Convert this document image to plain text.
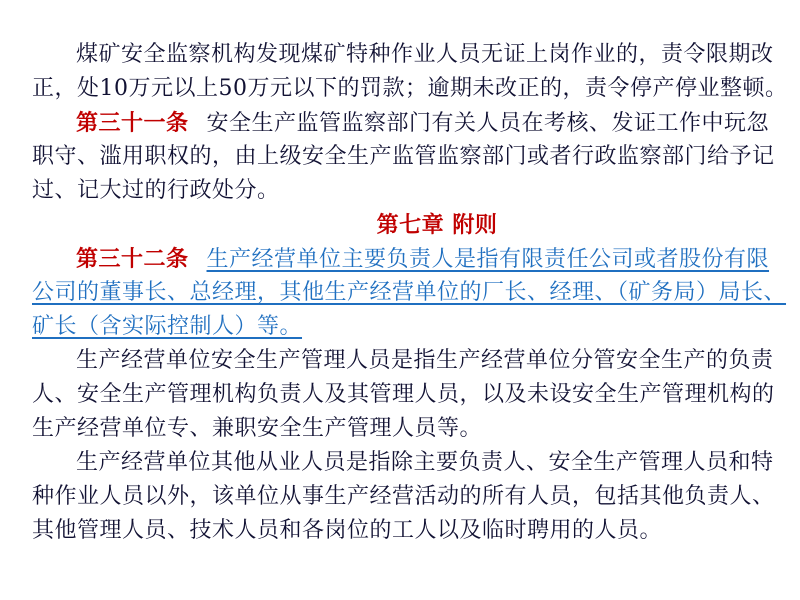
煤矿安全监察机构发现煤矿特种作业人员无证上岗作业的，责令限期改
正，处10万元以上50万元以下的罚款；逾期未改正的，责令停产停业整顿。
第三十一条 安全生产监管监察部门有关人员在考核、发证工作中玩忽
职守、滥用职权的，由上级安全生产监管监察部门或者行政监察部门给予记
过、记大过的行政处分。
第七章 附则
第三十二条 生产经营单位主要负责人是指有限责任公司或者股份有限
公司的董事长、总经理，其他生产经营单位的厂长、经理、（矿务局）局长、
矿长（含实际控制人）等。
生产经营单位安全生产管理人员是指生产经营单位分管安全生产的负责
人、安全生产管理机构负责人及其管理人员，以及未设安全生产管理机构的
生产经营单位专、兼职安全生产管理人员等。
生产经营单位其他从业人员是指除主要负责人、安全生产管理人员和特
种作业人员以外，该单位从事生产经营活动的所有人员，包括其他负责人、
其他管理人员、技术人员和各岗位的工人以及临时聘用的人员。
